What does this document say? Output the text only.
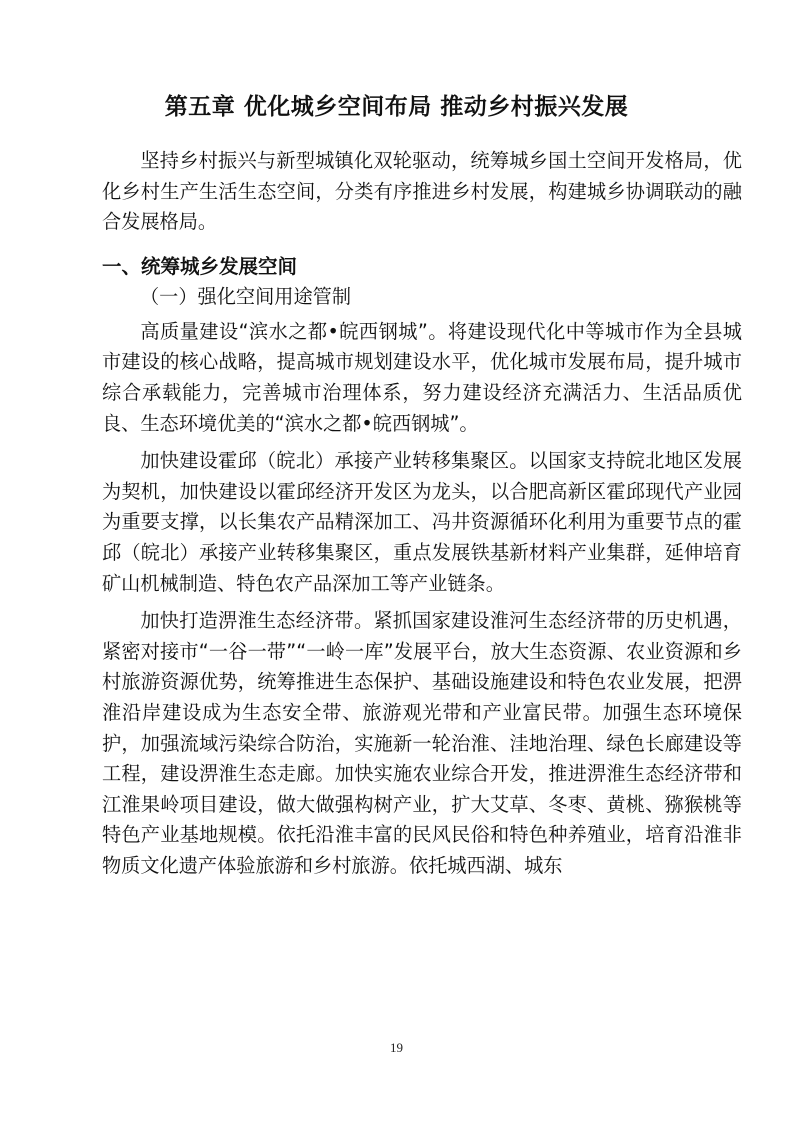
第五章 优化城乡空间布局 推动乡村振兴发展

坚持乡村振兴与新型城镇化双轮驱动，统筹城乡国土空间开发格局，优化乡村生产生活生态空间，分类有序推进乡村发展，构建城乡协调联动的融合发展格局。

一、统筹城乡发展空间
（一）强化空间用途管制

高质量建设“滨水之都•皖西钢城”。将建设现代化中等城市作为全县城市建设的核心战略，提高城市规划建设水平，优化城市发展布局，提升城市综合承载能力，完善城市治理体系，努力建设经济充满活力、生活品质优良、生态环境优美的“滨水之都•皖西钢城”。

加快建设霍邱（皖北）承接产业转移集聚区。以国家支持皖北地区发展为契机，加快建设以霍邱经济开发区为龙头，以合肥高新区霍邱现代产业园为重要支撑，以长集农产品精深加工、冯井资源循环化利用为重要节点的霍邱（皖北）承接产业转移集聚区，重点发展铁基新材料产业集群，延伸培育矿山机械制造、特色农产品深加工等产业链条。

加快打造淠淮生态经济带。紧抓国家建设淮河生态经济带的历史机遇，紧密对接市“一谷一带”“一岭一库”发展平台，放大生态资源、农业资源和乡村旅游资源优势，统筹推进生态保护、基础设施建设和特色农业发展，把淠淮沿岸建设成为生态安全带、旅游观光带和产业富民带。加强生态环境保护，加强流域污染综合防治，实施新一轮治淮、洼地治理、绿色长廊建设等工程，建设淠淮生态走廊。加快实施农业综合开发，推进淠淮生态经济带和江淮果岭项目建设，做大做强构树产业，扩大艾草、冬枣、黄桃、猕猴桃等特色产业基地规模。依托沿淮丰富的民风民俗和特色种养殖业，培育沿淮非物质文化遗产体验旅游和乡村旅游。依托城西湖、城东

19
